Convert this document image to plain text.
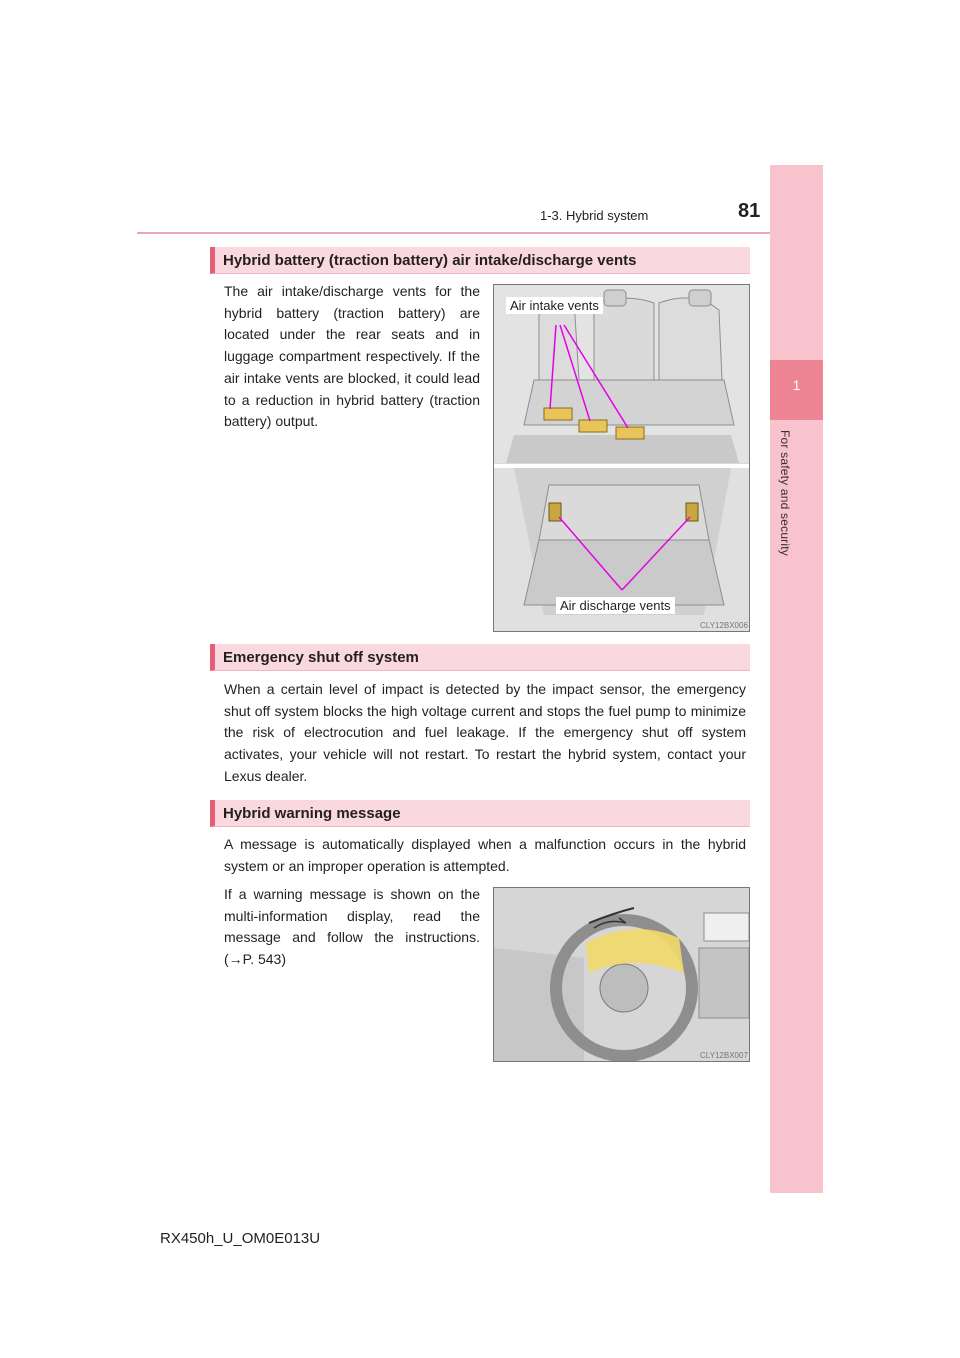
1-3. Hybrid system	81
1
For safety and security
Hybrid battery (traction battery) air intake/discharge vents
The air intake/discharge vents for the hybrid battery (traction battery) are located under the rear seats and in luggage compartment respectively. If the air intake vents are blocked, it could lead to a reduction in hybrid battery (traction battery) output.
Air intake vents
Air discharge vents
CLY12BX006
Emergency shut off system
When a certain level of impact is detected by the impact sensor, the emergency shut off system blocks the high voltage current and stops the fuel pump to minimize the risk of electrocution and fuel leakage. If the emergency shut off system activates, your vehicle will not restart. To restart the hybrid system, contact your Lexus dealer.
Hybrid warning message
A message is automatically displayed when a malfunction occurs in the hybrid system or an improper operation is attempted.
If a warning message is shown on the multi-information display, read the message and follow the instructions. (→P. 543)
CLY12BX007
RX450h_U_OM0E013U
